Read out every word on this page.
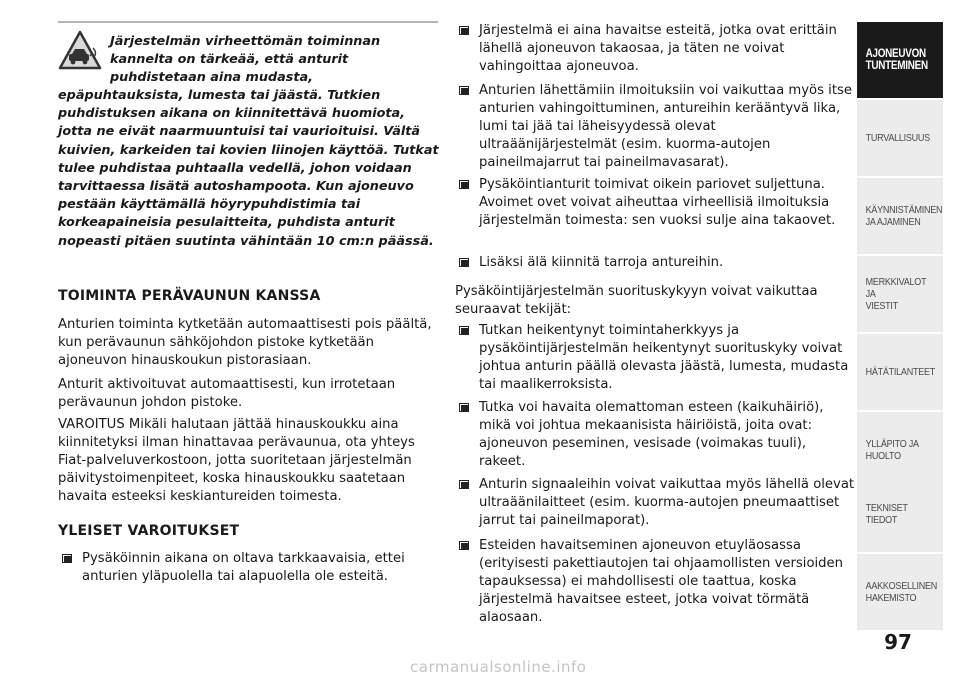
Järjestelmän virheettömän toiminnan kannelta on tärkeää, että anturit puhdistetaan aina mudasta,
epäpuhtauksista, lumesta tai jäästä. Tutkien puhdistuksen aikana on kiinnitettävä huomiota, jotta ne eivät naarmuuntuisi tai vaurioituisi. Vältä kuivien, karkeiden tai kovien liinojen käyttöä. Tutkat tulee puhdistaa puhtaalla vedellä, johon voidaan tarvittaessa lisätä autoshampoota. Kun ajoneuvo pestään käyttämällä höyrypuhdistimia tai korkeapaineisia pesulaitteita, puhdista anturit nopeasti pitäen suutinta vähintään 10 cm:n päässä.
TOIMINTA PERÄVAUNUN KANSSA

Anturien toiminta kytketään automaattisesti pois päältä, kun perävaunun sähköjohdon pistoke kytketään ajoneuvon hinauskoukun pistorasiaan.

Anturit aktivoituvat automaattisesti, kun irrotetaan perävaunun johdon pistoke.

VAROITUS Mikäli halutaan jättää hinauskoukku aina kiinnitetyksi ilman hinattavaa perävaunua, ota yhteys Fiat-palveluverkostoon, jotta suoritetaan järjestelmän päivitystoimenpiteet, koska hinauskoukku saatetaan havaita esteeksi keskiantureiden toimesta.

YLEISET VAROITUKSET
Pysäköinnin aikana on oltava tarkkaavaisia, ettei anturien yläpuolella tai alapuolella ole esteitä.
Järjestelmä ei aina havaitse esteitä, jotka ovat erittäin lähellä ajoneuvon takaosaa, ja täten ne voivat vahingoittaa ajoneuvoa.
Anturien lähettämiin ilmoituksiin voi vaikuttaa myös itse anturien vahingoittuminen, antureihin kerääntyvä lika, lumi tai jää tai läheisyydessä olevat ultraäänijärjestelmät (esim. kuorma-autojen paineilmajarrut tai paineilmavasarat).
Pysäköintianturit toimivat oikein pariovet suljettuna. Avoimet ovet voivat aiheuttaa virheellisiä ilmoituksia järjestelmän toimesta: sen vuoksi sulje aina takaovet.
Lisäksi älä kiinnitä tarroja antureihin.

Pysäköintijärjestelmän suorituskykyyn voivat vaikuttaa seuraavat tekijät:

Tutkan heikentynyt toimintaherkkyys ja pysäköintijärjestelmän heikentynyt suorituskyky voivat johtua anturin päällä olevasta jäästä, lumesta, mudasta tai maalikerroksista.
Tutka voi havaita olemattoman esteen (kaikuhäiriö), mikä voi johtua mekaanisista häiriöistä, joita ovat: ajoneuvon peseminen, vesisade (voimakas tuuli), rakeet.
Anturin signaaleihin voivat vaikuttaa myös lähellä olevat ultraäänilaitteet (esim. kuorma-autojen pneumaattiset jarrut tai paineilmaporat).
Esteiden havaitseminen ajoneuvon etuyläosassa (erityisesti pakettiautojen tai ohjaamollisten versioiden tapauksessa) ei mahdollisesti ole taattua, koska järjestelmä havaitsee esteet, jotka voivat törmätä alaosaan.
AJONEUVON
TUNTEMINEN
TURVALLISUUS
KÄYNNISTÄMINEN
JA AJAMINEN
MERKKIVALOT JA
VIESTIT
HÄTÄTILANTEET
YLLÄPITO JA HUOLTO
TEKNISET TIEDOT
AAKKOSELLINEN
HAKEMISTO
97
carmanualsonline.info
